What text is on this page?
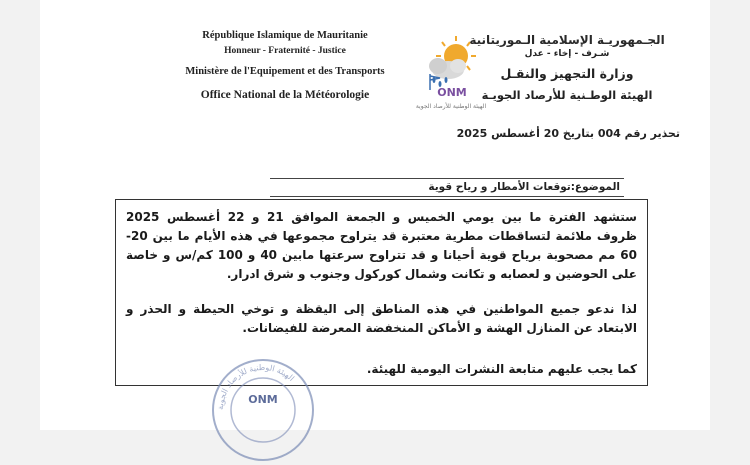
République Islamique de Mauritanie
Honneur - Fraternité - Justice
Ministère de l'Equipement et des Transports
Office National de la Météorologie	ONM
الهيئة الوطنية للأرصاد الجوية
الجـمهوريـة الإسلامية الـموريتانية
شـرف - إخاء - عدل
وزارة التجهيز والنقـل
الهيئة الوطـنية للأرصاد الجويـة
تحذير رقم 004 بتاريخ 20 أغسطس 2025
الموضوع:توقعات الأمطار و رياح قوية

ستشهد الفترة ما بين يومي الخميس و الجمعة الموافق 21 و 22 أغسطس 2025 ظروف ملائمة لتساقطات مطرية معتبرة قد يتراوح مجموعها في هذه الأيام ما بين 20-60 مم مصحوبة برياح قوية أحيانا و قد تتراوح سرعتها مابين 40 و 100 كم/س و خاصة على الحوضين و لعصابه و تكانت وشمال كوركول وجنوب و شرق ادرار.

لذا ندعو جميع المواطنين في هذه المناطق إلى اليقظة و توخي الحيطة و الحذر و الابتعاد عن المنازل الهشة و الأماكن المنخفضة المعرضة للفيضانات.

كما يجب عليهم متابعة النشرات اليومية للهيئة.

الهيئة الوطنية للأرصاد الجوية
ONM
